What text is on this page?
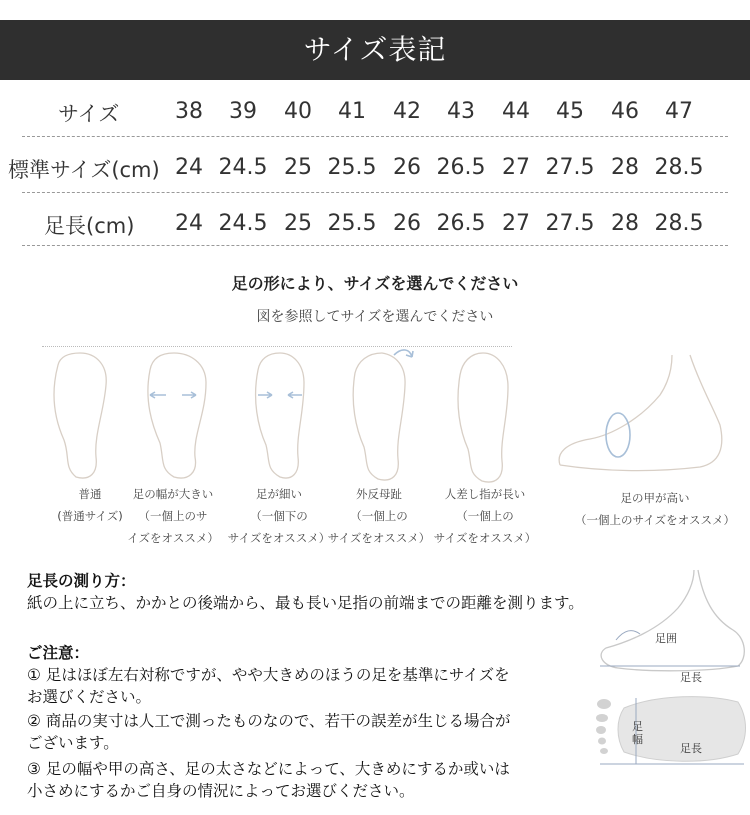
サイズ表記
サイズ	38	39	40	41	42	43	44	45	46	47
標準サイズ(cm) 24 24.5 25 25.5 26 26.5 27 27.5 28 28.5
足長(cm)	24 24.5 25 25.5 26 26.5 27 27.5 28 28.5
足の形により、サイズを選んでください
図を参照してサイズを選んでください
普通
(普通サイズ)
足の幅が大きい
（一個上のサ
イズをオススメ）
足が細い
（一個下の
サイズをオススメ）
外反母趾
（一個上の
サイズをオススメ）
人差し指が長い
（一個上の
サイズをオススメ）
足の甲が高い
（一個上のサイズをオススメ）
足長の測り方：
紙の上に立ち、かかとの後端から、最も長い足指の前端までの距離を測ります。
ご注意：
① 足はほぼ左右対称ですが、やや大きめのほうの足を基準にサイズを
お選びください。
② 商品の実寸は人工で測ったものなので、若干の誤差が生じる場合が
ございます。
③ 足の幅や甲の高さ、足の太さなどによって、大きめにするか或いは
小さめにするかご自身の情況によってお選びください。
足囲
足長
足幅
足長
